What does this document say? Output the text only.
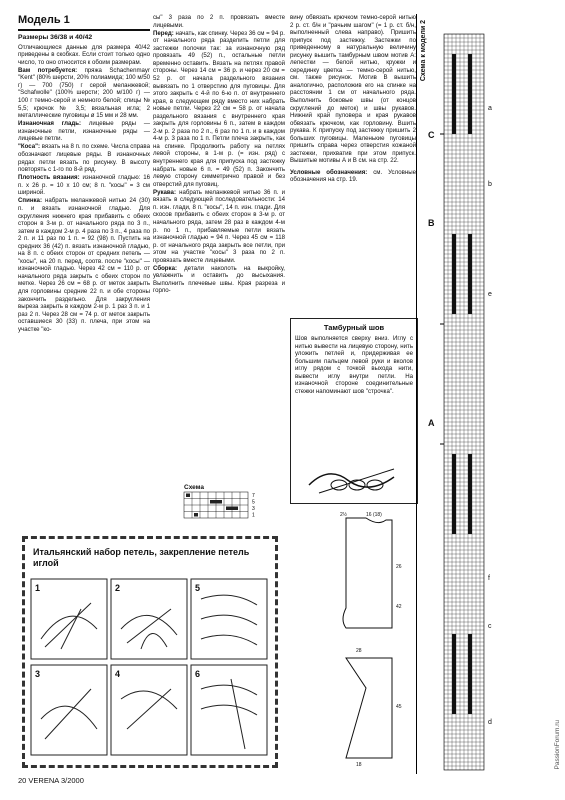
Модель 1
Размеры 36/38 и 40/42

Отличающиеся данные для размера 40/42 приведены в скобках. Если стоит только одно число, то оно относится к обоим размерам.

Вам потребуется: пряжа Schachenmayr "Kent" (80% шерсти, 20% полиамида; 100 м/50 г) — 700 (750) г серой меланжевой; "Schafwolle" (100% шерсти; 200 м/100 г) — 100 г темно-серой и немного белой; спицы № 5,5; крючок № 3,5; вязальная игла; 2 металлические пуговицы ø 15 мм и 28 мм.

Изнаночная гладь: лицевые ряды — изнаночные петли, изнаночные ряды — лицевые петли.

"Коса": вязать на 8 п. по схеме. Числа справа обозначают лицевые ряды. В изнаночных рядах петли вязать по рисунку. В высоту повторять с 1-го по 8-й ряд.

Плотность вязания: изнаночной гладью: 16 п. х 26 р. = 10 х 10 см; 8 п. "косы" = 3 см шириной.

Спинка: набрать меланжевой нитью 24 (30) п. и вязать изнаночной гладью. Для скругления нижнего края прибавить с обеих сторон в 3-м р. от начального ряда по 3 п., затем в каждом 2-м р. 4 раза по 3 п., 4 раза по 2 п. и 11 раз по 1 п. = 92 (98) п. Пустить на средних 36 (42) п. вязать изнаночной гладью, на 8 п. с обеих сторон от средних петель — "косы", на 20 п. перед, соотв. после "косы" — изнаночной гладью. Через 42 см = 110 р. от начального ряда закрыть с обеих сторон по метке. Через 26 см = 68 р. от меток закрыть для горловины средние 22 п. и обе стороны закончить раздельно. Для закругления выреза закрыть в каждом 2-м р. 1 раз 3 п. и 1 раз 2 п. Через 28 см = 74 р. от меток закрыть оставшиеся 30 (33) п. плеча, при этом на участке "ко-

сы" 3 раза по 2 п. провязать вместе лицевыми.

Перед: начать, как спинку. Через 36 см = 94 р. от начального ряда разделить петли для застежки полочки так: за изнаночную ряд провязать 49 (52) п., остальные петли временно оставить. Вязать на петлях правой стороны. Через 14 см = 36 р. и через 20 см = 52 р. от начала раздельного вязания вывязать по 1 отверстию для пуговицы. Для этого закрыть с 4-й по 6-ю п. от внутреннего края, в следующем ряду вместо них набрать новые петли. Через 22 см = 58 р. от начала раздельного вязания с внутреннего края закрыть для горловины 6 п., затем в каждом 2-м р. 2 раза по 2 п., 6 раз по 1 п. и в каждом 4-м р. 3 раза по 1 п. Петли плеча закрыть, как на спинке. Продолжить работу на петлях левой стороны, в 1-м р. (= изн. ряд) с внутреннего края для припуска под застежку набрать новые 6 п. = 49 (52) п. Закончить левую сторону симметрично правой и без отверстий для пуговиц.

Рукава: набрать меланжевой нитью 36 п. и вязать в следующей последовательности: 14 п. изн. глади, 8 п. "косы", 14 п. изн. глади. Для скосов прибавить с обеих сторон в 3-м р. от начального ряда, затем 28 раз в каждом 4-м р. по 1 п., прибавляемые петли вязать изнаночной гладью = 94 п. Через 45 см = 118 р. от начального ряда закрыть все петли, при этом на участке "косы" 3 раза по 2 п. провязать вместе лицевыми.

Сборка: детали наколоть на выкройку, увлажнить и оставить до высыхания. Выполнить плечевые швы. Края разреза и горло-

вину обвязать крючком темно-серой нитью 2 р. ст. б/н и "рачьим шагом" (= 1 р. ст. б/н, выполненный слева направо). Пришить припуск под застежку. Застежки по приведенному в натуральную величину рисунку вышить тамбурным швом мотив А: лепестки — белой нитью, кружки и серединку цветка — темно-серой нитью, см. также рисунок. Мотив В вышить аналогично, расположив его на спинке на расстоянии 1 см от начального ряда. Выполнить боковые швы (от концов скруглений до меток) и швы рукавов. Нижний край пуловера и края рукавов обвязать крючком, как горловину. Вшить рукава. К припуску под застежку пришить 2 больших пуговицы. Маленькие пуговицы пришить справа через отверстия кожаной застежки, прихватив при этом припуск. Вышитые мотивы А и В см. на стр. 22.

Условные обозначения: см. Условные обозначения на стр. 19.

Тамбурный шов
Шов выполняется сверху вниз. Иглу с нитью вывести на лицевую сторону, нить уложить петлей и, придерживая ее большим пальцем левой руки и вколов иглу рядом с точкой выхода нити, вывести иглу внутри петли. На изнаночной стороне соединительные стежки напоминают шов "строчка".
Схема
7
5
3
1
Итальянский набор петель, закрепление петель иглой
1	2	5
3	4	6
2½	16 (18)
26
42
28
45
18
Схема к модели 2
C
B
A
a
b
e
f
c
d
20 VERENA 3/2000
PassionForum.ru
